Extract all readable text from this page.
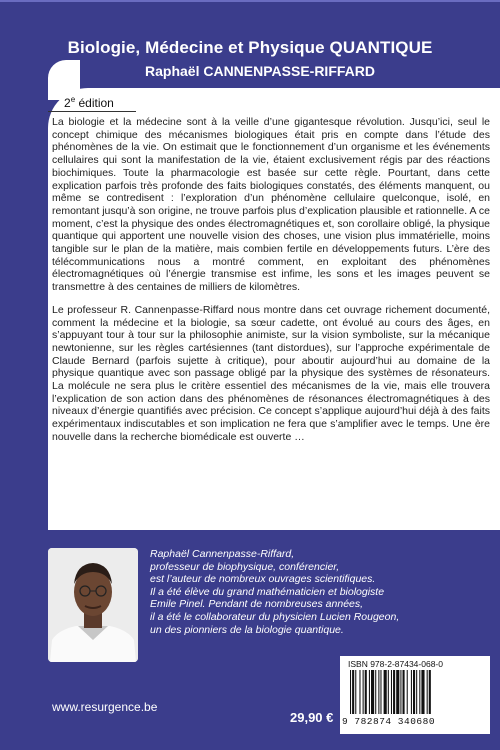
Biologie, Médecine et Physique QUANTIQUE
Raphaël CANNENPASSE-RIFFARD
2e édition

La biologie et la médecine sont à la veille d’une gigantesque révolution. Jusqu’ici, seul le concept chimique des mécanismes biologiques était pris en compte dans l’étude des phénomènes de la vie. On estimait que le fonctionnement d’un organisme et les événements cellulaires qui sont la manifestation de la vie, étaient exclusivement régis par des réactions biochimiques. Toute la pharmacologie est basée sur cette règle. Pourtant, dans cette explication parfois très profonde des faits biologiques constatés, des éléments manquent, ou même se contredisent : l’exploration d’un phénomène cellulaire quelconque, isolé, en remontant jusqu’à son origine, ne trouve parfois plus d’explication plausible et rationnelle. A ce moment, c’est la physique des ondes électromagnétiques et, son corollaire obligé, la physique quantique qui apportent une nouvelle vision des choses, une vision plus immatérielle, moins tangible sur le plan de la matière, mais combien fertile en développements futurs. L’ère des télécommunications nous a montré comment, en exploitant des phénomènes électromagnétiques où l’énergie transmise est infime, les sons et les images peuvent se transmettre à des centaines de milliers de kilomètres.

Le professeur R. Cannenpasse-Riffard nous montre dans cet ouvrage richement documenté, comment la médecine et la biologie, sa sœur cadette, ont évolué au cours des âges, en s’appuyant tour à tour sur la philosophie animiste, sur la vision symboliste, sur la mécanique newtonienne, sur les règles cartésiennes (tant distordues), sur l’approche expérimentale de Claude Bernard (parfois sujette à critique), pour aboutir aujourd’hui au domaine de la physique quantique avec son passage obligé par la physique des systèmes de résonateurs. La molécule ne sera plus le critère essentiel des mécanismes de la vie, mais elle trouvera l’explication de son action dans des phénomènes de résonances électromagnétiques à des niveaux d’énergie quantifiés avec précision. Ce concept s’applique aujourd’hui déjà à des faits expérimentaux indiscutables et son implication ne fera que s’amplifier avec le temps. Une ère nouvelle dans la recherche biomédicale est ouverte …

Raphaël Cannenpasse-Riffard,
professeur de biophysique, conférencier,
est l’auteur de nombreux ouvrages scientifiques.
Il a été élève du grand mathématicien et biologiste
Emile Pinel. Pendant de nombreuses années,
il a été le collaborateur du physicien Lucien Rougeon,
un des pionniers de la biologie quantique.
www.resurgence.be
29,90 €
ISBN 978-2-87434-068-0
9 782874 340680
